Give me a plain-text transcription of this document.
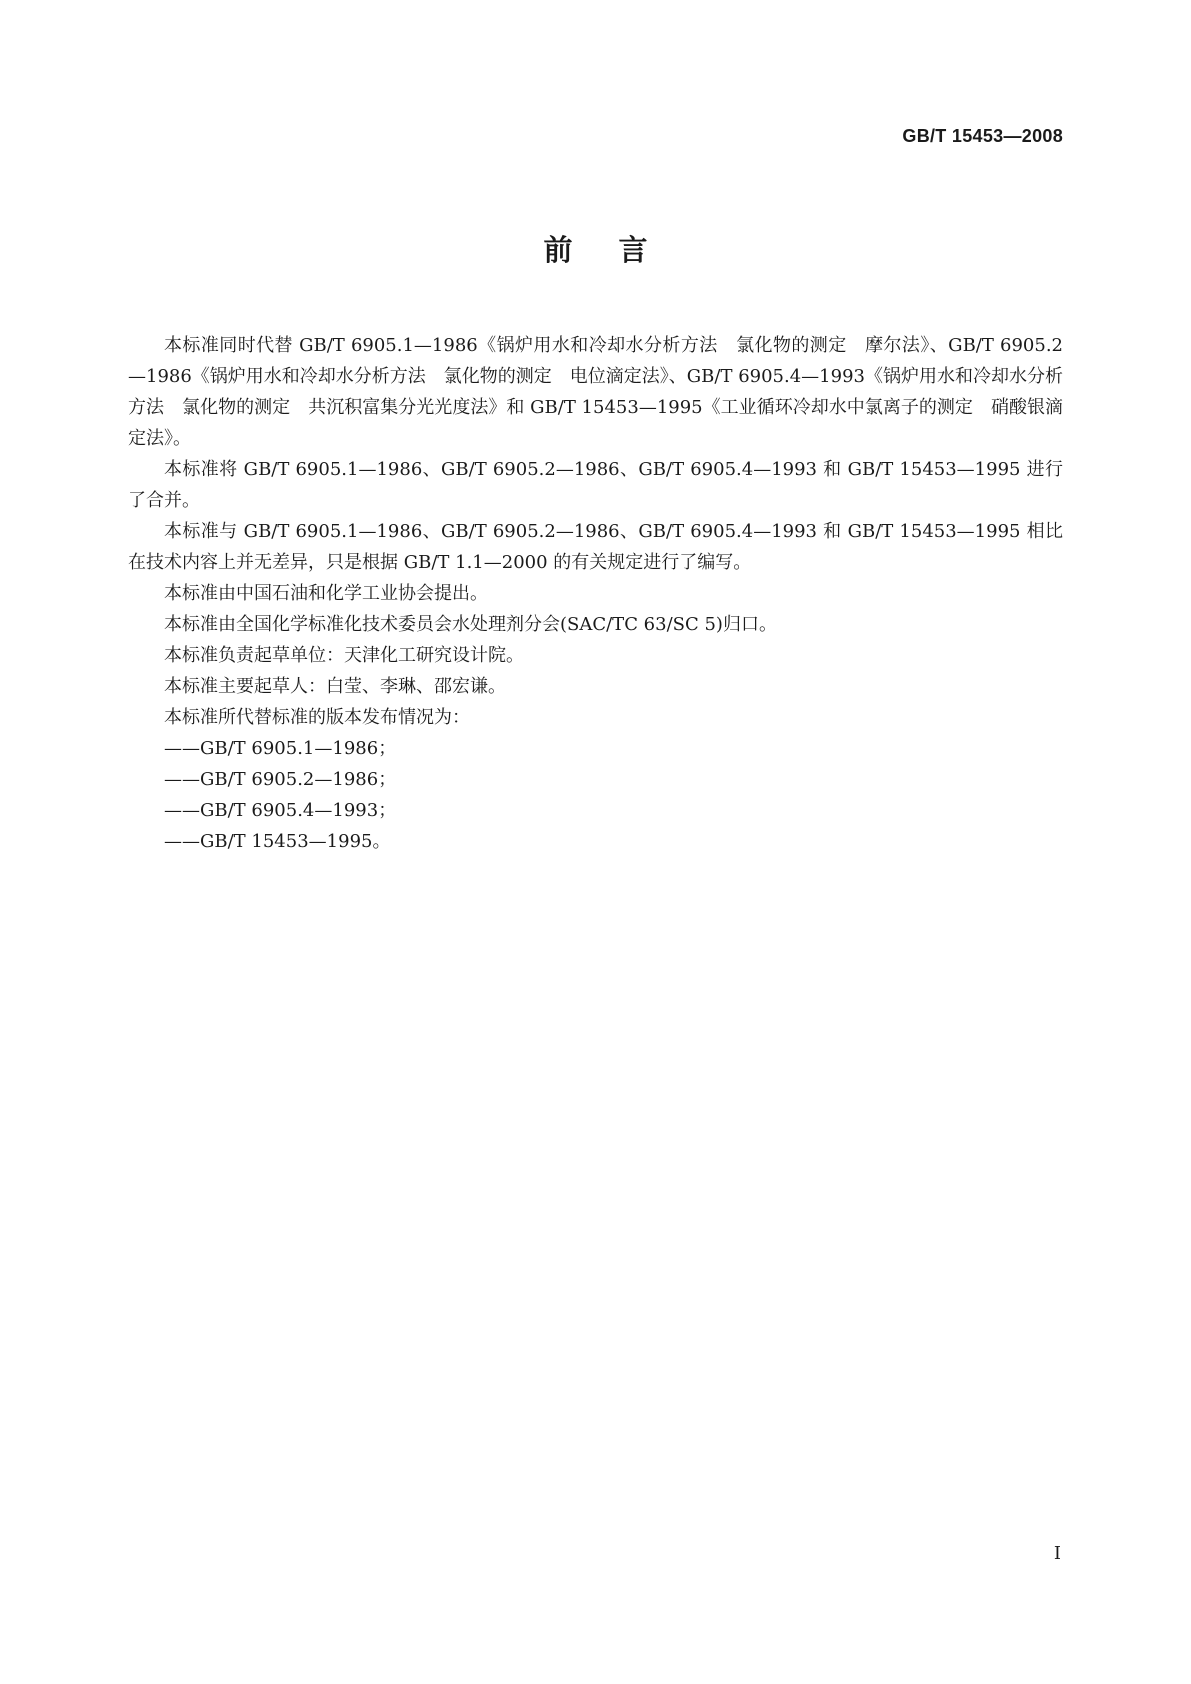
GB/T 15453—2008
前言

本标准同时代替 GB/T 6905.1—1986《锅炉用水和冷却水分析方法　氯化物的测定　摩尔法》、GB/T 6905.2—1986《锅炉用水和冷却水分析方法　氯化物的测定　电位滴定法》、GB/T 6905.4—1993《锅炉用水和冷却水分析方法　氯化物的测定　共沉积富集分光光度法》和 GB/T 15453—1995《工业循环冷却水中氯离子的测定　硝酸银滴定法》。

本标准将 GB/T 6905.1—1986、GB/T 6905.2—1986、GB/T 6905.4—1993 和 GB/T 15453—1995 进行了合并。

本标准与 GB/T 6905.1—1986、GB/T 6905.2—1986、GB/T 6905.4—1993 和 GB/T 15453—1995 相比在技术内容上并无差异，只是根据 GB/T 1.1—2000 的有关规定进行了编写。

本标准由中国石油和化学工业协会提出。

本标准由全国化学标准化技术委员会水处理剂分会(SAC/TC 63/SC 5)归口。

本标准负责起草单位：天津化工研究设计院。

本标准主要起草人：白莹、李琳、邵宏谦。

本标准所代替标准的版本发布情况为：

——GB/T 6905.1—1986；
——GB/T 6905.2—1986；
——GB/T 6905.4—1993；
——GB/T 15453—1995。
I
